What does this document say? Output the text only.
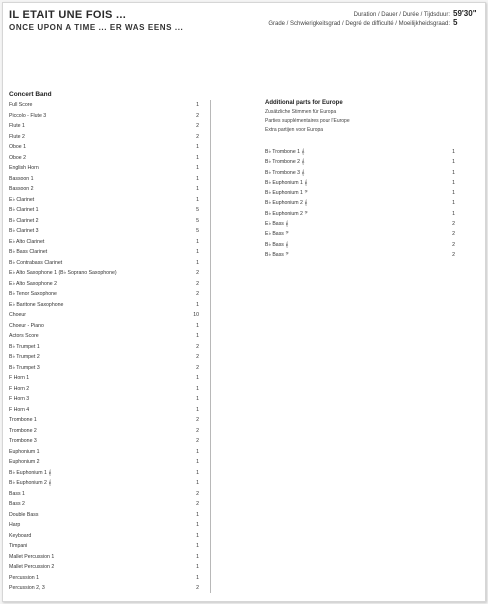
IL ETAIT UNE FOIS ...
ONCE UPON A TIME ... ER WAS EENS ...
Duration / Dauer / Durée / Tijdsduur: 59'30"
Grade / Schwierigkeitsgrad / Degré de difficulté / Moeilijkheidsgraad: 5
Concert Band
Full Score	1
Piccolo - Flute 3	2
Flute 1	2
Flute 2	2
Oboe 1	1
Oboe 2	1
English Horn	1
Bassoon 1	1
Bassoon 2	1
E♭ Clarinet	1
B♭ Clarinet 1	5
B♭ Clarinet 2	5
B♭ Clarinet 3	5
E♭ Alto Clarinet	1
B♭ Bass Clarinet	1
B♭ Contrabass Clarinet	1
E♭ Alto Saxophone 1 (B♭ Soprano Saxophone)	2
E♭ Alto Saxophone 2	2
B♭ Tenor Saxophone	2
E♭ Baritone Saxophone	1
Choeur	10
Choeur - Piano	1
Actors Score	1
B♭ Trumpet 1	2
B♭ Trumpet 2	2
B♭ Trumpet 3	2
F Horn 1	1
F Horn 2	1
F Horn 3	1
F Horn 4	1
Trombone 1	2
Trombone 2	2
Trombone 3	2
Euphonium 1	1
Euphonium 2	1
B♭ Euphonium 1 𝄞	1
B♭ Euphonium 2 𝄞	1
Bass 1	2
Bass 2	2
Double Bass	1
Harp	1
Keyboard	1
Timpani	1
Mallet Percussion 1	1
Mallet Percussion 2	1
Percussion 1	1
Percussion 2, 3	2
Additional parts for Europe
Zusätzliche Stimmen für Europa
Parties supplémentaires pour l'Europe
Extra partijen voor Europa
B♭ Trombone 1 𝄞	1
B♭ Trombone 2 𝄞	1
B♭ Trombone 3 𝄞	1
B♭ Euphonium 1 𝄞	1
B♭ Euphonium 1 𝄢	1
B♭ Euphonium 2 𝄞	1
B♭ Euphonium 2 𝄢	1
E♭ Bass 𝄞	2
E♭ Bass 𝄢	2
B♭ Bass 𝄞	2
B♭ Bass 𝄢	2
